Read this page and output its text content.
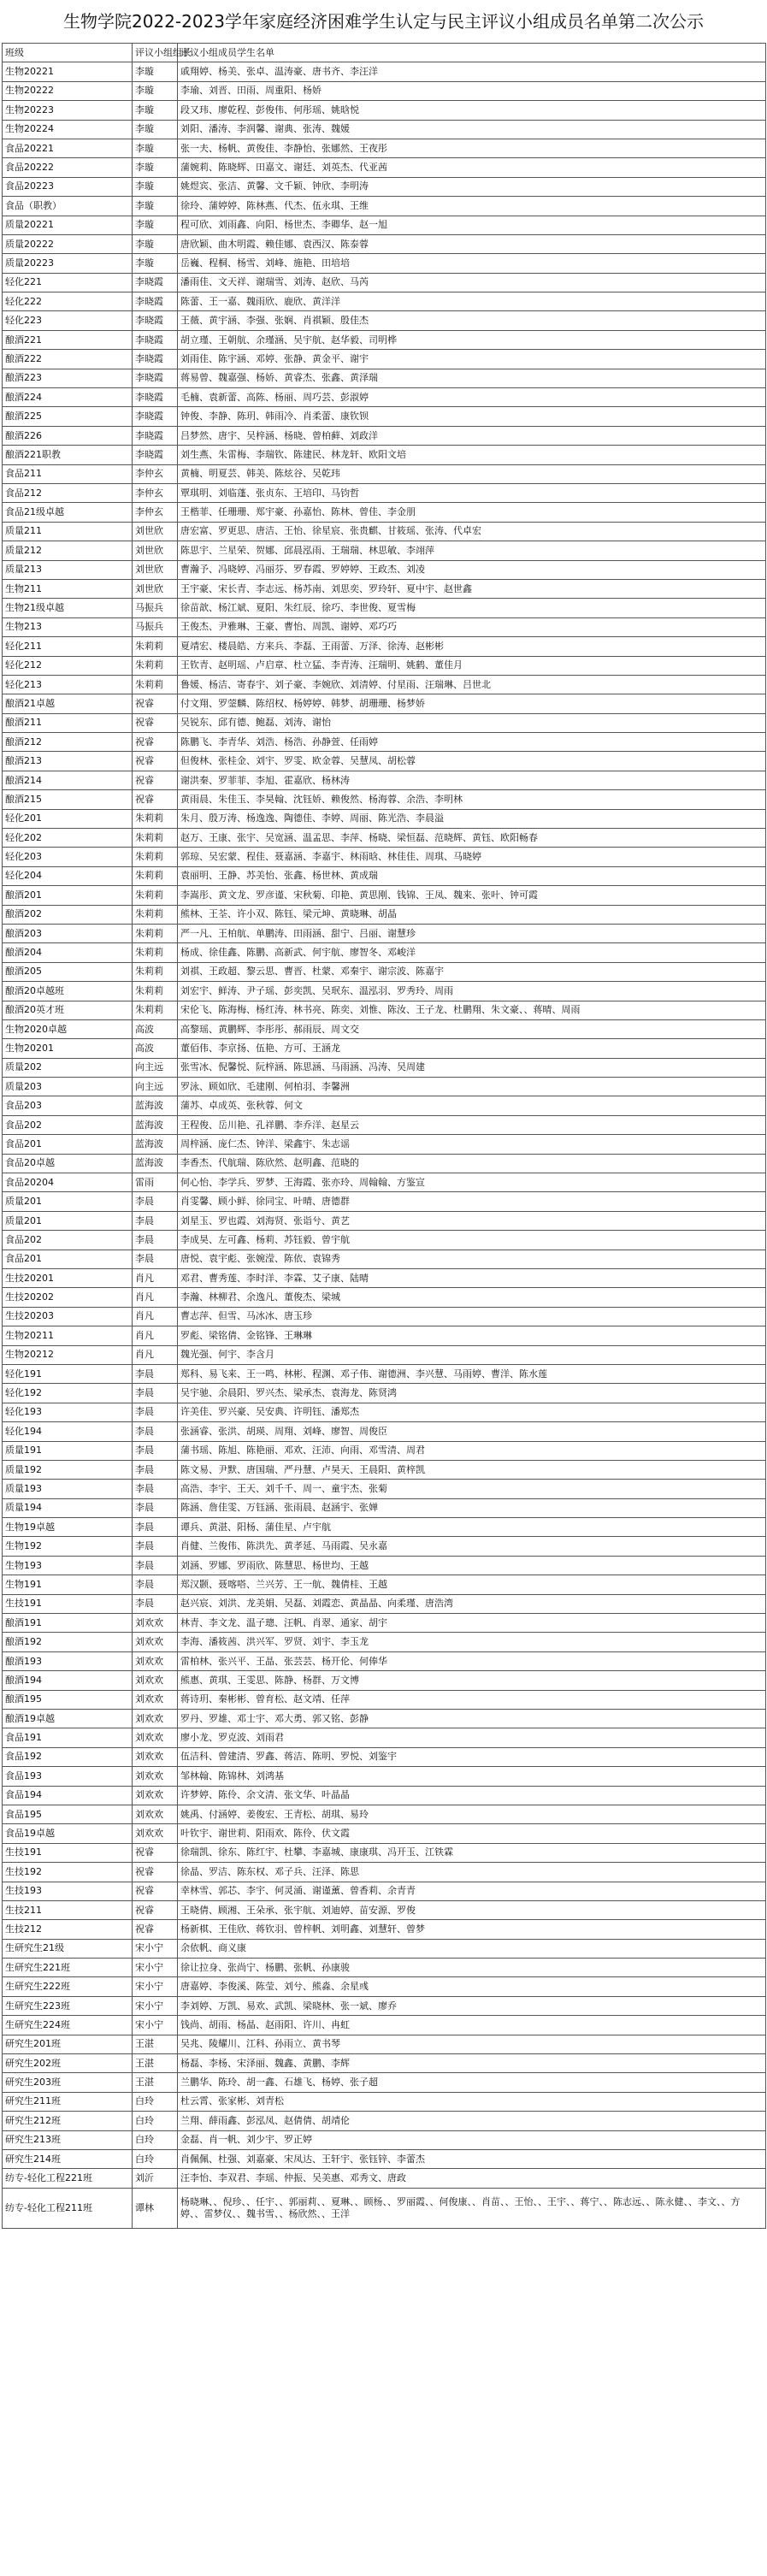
生物学院2022-2023学年家庭经济困难学生认定与民主评议小组成员名单第二次公示
班级	评议小组组长	评议小组成员学生名单
生物20221	李璇	戚翔婷、杨美、张卓、温涛豪、唐书齐、李汪洋
生物20222	李璇	李瑜、刘晋、田雨、周重阳、杨娇
生物20223	李璇	段又玮、廖乾程、彭俊伟、何彤瑶、姚晗悦
生物20224	李璇	刘阳、潘涛、李润馨、谢典、张涛、魏媛
食品20221	李璇	张一夫、杨帆、黄俊佳、李静怡、张娜然、王夜彤
食品20222	李璇	蒲婉莉、陈晓辉、田嘉文、谢廷、刘英杰、代亚茜
食品20223	李璇	姚煜宾、张洁、黄馨、文千颖、钟欣、李明涛
食品（职教）	李璇	徐玲、蒲婷婷、陈林燕、代杰、伍永琪、王维
质量20221	李璇	程可欣、刘雨鑫、向阳、杨世杰、李卿华、赵一旭
质量20222	李璇	唐欣颖、曲木明霞、赖佳娜、袁西汉、陈泰蓉
质量20223	李璇	岳巍、程桐、杨雪、刘峰、施艳、田培培
轻化221	李晓霞	潘雨佳、文天祥、谢瑞雪、刘涛、赵欣、马芮
轻化222	李晓霞	陈蕾、王一嘉、魏雨欣、鹿欣、黄洋洋
轻化223	李晓霞	王薇、黄宇涵、李强、张娴、肖祺颖、殷佳杰
酿酒221	李晓霞	胡立瑾、王朝航、余瑾涵、吴宇航、赵华毅、司明桦
酿酒222	李晓霞	刘雨佳、陈宇涵、邓婷、张静、黄金平、谢宇
酿酒223	李晓霞	蒋易曾、魏嘉强、杨娇、黄睿杰、张鑫、黄泽瑞
酿酒224	李晓霞	毛楠、袁新蕾、高陈、杨丽、周巧芸、彭淑婷
酿酒225	李晓霞	钟俊、李静、陈玥、韩雨冷、肖柔蕾、康钦钡
酿酒226	李晓霞	吕梦然、唐宇、吴梓涵、杨晓、曾柏藓、刘政洋
酿酒221职教	李晓霞	刘生燕、朱雷梅、李瑞钦、陈建民、林龙轩、欧阳文培
食品211	李仲玄	黄楠、明夏芸、韩美、陈炫谷、吴乾玮
食品212	李仲玄	覃琪明、刘临蓬、张贞东、王培印、马钧哲
食品21级卓越	李仲玄	王楷菲、任珊珊、郑宇豪、孙嘉怡、陈林、曾佳、李金朋
质量211	刘世欣	唐宏富、罗更思、唐洁、王怡、徐星宸、张贵麒、甘筱瑶、张涛、代卓宏
质量212	刘世欣	陈思宇、兰星荣、贺娜、邱晨泓雨、王瑞瑞、林思敏、李翊萍
质量213	刘世欣	曹瀚予、冯晓婷、冯丽芬、罗春霞、罗婷婷、王政杰、刘凌
生物211	刘世欣	王宇豪、宋长青、李志远、杨苏南、刘思奕、罗玲轩、夏中宇、赵世鑫
生物21级卓越	马振兵	徐苗歆、杨江斌、夏阳、朱红辰、徐巧、李世俊、夏雪梅
生物213	马振兵	王俊杰、尹雅琳、王豪、曹怡、周凯、谢婷、邓巧巧
轻化211	朱莉莉	夏靖宏、楼晨皓、方来兵、李磊、王雨蕾、万泽、徐涛、赵彬彬
轻化212	朱莉莉	王钦青、赵明瑶、卢启章、杜立猛、李青涛、汪瑞明、姚鹤、董佳月
轻化213	朱莉莉	鲁媛、杨洁、寄春宇、刘子豪、李婉欣、刘清婷、付星雨、汪瑞琳、吕世北
酿酒21卓越	祝睿	付文翔、罗蓥麟、陈绍权、杨婷婷、韩梦、胡珊珊、杨梦娇
酿酒211	祝睿	吴锐东、邱有德、鲍磊、刘涛、谢怡
酿酒212	祝睿	陈鹏飞、李青华、刘浩、杨浩、孙静萱、任雨婷
酿酒213	祝睿	但俊林、张桂金、刘宇、罗雯、欧金蓉、吴慧凤、胡松蓉
酿酒214	祝睿	谢洪秦、罗菲菲、李旭、霍嘉欣、杨林涛
酿酒215	祝睿	黄雨晨、朱佳玉、李昊翰、沈钰娇、赖俊然、杨海蓉、余浩、李明林
轻化201	朱莉莉	朱月、殷万涛、杨逸逸、陶德佳、李婷、周丽、陈光浩、李晨溢
轻化202	朱莉莉	赵万、王康、张宇、吴宽涵、温孟思、李萍、杨晓、梁恒磊、范晓辉、黄钰、欧阳畅春
轻化203	朱莉莉	郭琼、吴宏蒙、程佳、聂嘉涵、李嘉宇、林雨晗、林佳佳、周琪、马晓婷
轻化204	朱莉莉	袁丽明、王静、苏美怡、张鑫、杨世林、黄成瑞
酿酒201	朱莉莉	李嵩彤、黄文龙、罗彦谨、宋秋菊、印艳、黄思刚、钱锦、王凤、魏来、张叶、钟可霞
酿酒202	朱莉莉	熊林、王荃、许小双、陈钰、梁元坤、黄晓琳、胡晶
酿酒203	朱莉莉	严一凡、王柏航、单鹏涛、田雨涵、甜宁、吕丽、谢慧珍
酿酒204	朱莉莉	杨成、徐佳鑫、陈鹏、高新武、何宇航、廖智冬、邓峻洋
酿酒205	朱莉莉	刘祺、王政超、黎云思、曹晋、杜蒙、邓秦宇、谢宗波、陈嘉宇
酿酒20卓越班	朱莉莉	刘宏宇、鲜涛、尹子瑶、彭奕凯、吴珉东、温泓羽、罗秀玲、周雨
酿酒20英才班	朱莉莉	宋伦飞、陈海梅、杨红涛、林书亮、陈奕、刘惟、陈汝、王子龙、杜鹏翔、朱文豪、、蒋晴、周雨
生物2020卓越	高波	高黎瑶、黄鹏辉、李彤彤、郝雨辰、周文交
生物20201	高波	董佰伟、李京扬、伍艳、方可、王涵龙
质量202	向主远	张雪冰、倪馨悦、阮梓涵、陈思涵、马雨涵、冯涛、吴周建
质量203	向主远	罗泳、顾如欣、毛建刚、何柏羽、李馨洲
食品203	蓝海波	蒲苏、卓成英、张秋蓉、何文
食品202	蓝海波	王程俊、岳川艳、孔祥鹏、李乔洋、赵星云
食品201	蓝海波	周梓涵、庞仁杰、钟洋、梁鑫宇、朱志谣
食品20卓越	蓝海波	李香杰、代航瑞、陈欣然、赵明鑫、范晓的
食品20204	雷雨	何心怡、李学兵、罗梦、王海霞、张亦玲、周翰翰、方鉴宣
质量201	李晨	肖雯馨、顾小鲜、徐同宝、叶晴、唐德群
质量201	李晨	刘星玉、罗也霞、刘海贤、张诣兮、黄艺
食品202	李晨	李成昊、左可鑫、杨莉、苏钰毅、曾宇航
食品201	李晨	唐悦、袁宇彪、张婉滢、陈依、袁锦秀
生技20201	肖凡	邓君、曹秀莲、李时洋、李霖、艾子康、陆晴
生技20202	肖凡	李瀚、林柳君、余逸凡、董俊杰、梁城
生技20203	肖凡	曹志萍、但雪、马冰冰、唐玉珍
生物20211	肖凡	罗彪、梁铭倩、金铭锋、王琳琳
生物20212	肖凡	魏光强、何宇、李含月
轻化191	李晨	郑科、易飞来、王一鸣、林彬、程渊、邓子伟、谢德洲、李兴慧、马雨婷、曹洋、陈水莲
轻化192	李晨	吴宇驰、余晨阳、罗兴杰、梁承杰、袁海龙、陈贤鸿
轻化193	李晨	许美佳、罗兴豪、吴安典、许明钰、潘郑杰
轻化194	李晨	张涵睿、张洪、胡瑛、周翔、刘峰、廖智、周俊臣
质量191	李晨	蒲书瑶、陈旭、陈艳丽、邓欢、汪沛、向雨、邓雪清、周君
质量192	李晨	陈文易、尹默、唐国瑞、严丹慧、卢昊天、王晨阳、黄梓凯
质量193	李晨	高浩、李宇、王天、刘千千、周一、童宇杰、张菊
质量194	李晨	陈涵、詹佳雯、万钰涵、张雨晨、赵涵宇、张婵
生物19卓越	李晨	谭兵、黄湛、阳杨、蒲佳星、卢宇航
生物192	李晨	肖健、兰俊伟、陈洪先、黄孝延、马雨霞、吴永嘉
生物193	李晨	刘涵、罗娜、罗雨欣、陈慧思、杨世均、王越
生物191	李晨	郑汉颢、聂喀嗒、兰兴芳、王一航、魏倩桂、王越
生技191	李晨	赵兴宸、刘洪、龙美娟、吴磊、刘霞恋、黄晶晶、向柔瑾、唐浩湾
酿酒191	刘欢欢	林青、李文龙、温子璁、汪帆、肖翠、通家、胡宇
酿酒192	刘欢欢	李海、潘筱茜、洪兴军、罗贤、刘宇、李玉龙
酿酒193	刘欢欢	雷柏林、张兴平、王晶、张芸芸、杨开伦、何俸华
酿酒194	刘欢欢	熊惠、黄琪、王雯思、陈静、杨群、万文博
酿酒195	刘欢欢	蒋诗玥、秦彬彬、曾育松、赵文靖、任萍
酿酒19卓越	刘欢欢	罗丹、罗雄、邓士宇、邓大勇、郭又铭、彭静
食品191	刘欢欢	廖小龙、罗克波、刘雨君
食品192	刘欢欢	伍洁科、曾建清、罗鑫、蒋洁、陈明、罗悦、刘鉴宇
食品193	刘欢欢	邹林翰、陈锦林、刘鸿基
食品194	刘欢欢	许梦婷、陈伶、余文清、张文华、叶晶晶
食品195	刘欢欢	姚禹、付涵婷、姜俊宏、王青松、胡琪、易玲
食品19卓越	刘欢欢	叶钦宇、谢世莉、阳雨欢、陈伶、伏文霞
生技191	祝睿	徐瑞凯、徐东、陈红宇、杜攀、李嘉城、康康琪、冯开玉、江铁霖
生技192	祝睿	徐晶、罗洁、陈东权、邓子兵、汪泽、陈思
生技193	祝睿	幸林雪、郭芯、李宇、何灵涌、谢谨薰、曾香莉、余青青
生技211	祝睿	王晓倩、顾湘、王朵承、张宇航、刘迪婷、苗安源、罗俊
生技212	祝睿	杨新棋、王佳欣、蒋钦羽、曾梓帆、刘明鑫、刘慧轩、曾梦
生研究生21级	宋小宁	余依帆、商义康
生研究生221班	宋小宁	徐让拉身、张尚宁、杨鹏、张帆、孙康骏
生研究生222班	宋小宁	唐嘉婷、李俊溪、陈莹、刘兮、熊淼、余星彧
生研究生223班	宋小宁	李刘婷、万凯、易欢、武凯、梁晓林、张一斌、廖乔
生研究生224班	宋小宁	钱尚、胡雨、杨晶、赵雨阳、许川、冉虹
研究生201班	王湛	吴兆、陵耀川、江科、孙雨立、黄书琴
研究生202班	王湛	杨磊、李杨、宋泽丽、魏鑫、黄鹏、李辉
研究生203班	王湛	兰鹏华、陈玲、胡一鑫、石雄飞、杨婷、张子超
研究生211班	白玲	杜云霄、张家彬、刘青松
研究生212班	白玲	兰翔、薛雨鑫、彭泓凤、赵倩倩、胡靖伦
研究生213班	白玲	金磊、肖一帆、刘少宇、罗正婷
研究生214班	白玲	肖佩佩、杜强、刘嘉豪、宋凤达、王轩宇、张钰锌、李蕾杰
纺专-轻化工程221班	刘沂	汪李怡、李双君、李瑶、仲振、吴美惠、邓秀文、唐政
纺专-轻化工程211班	谭林	杨晓琳、、倪珍、、任宇、、郭丽莉、、夏琳、、顾杨、、罗丽霞、、何俊康、、肖苗、、王怡、、王宇、、蒋宁、、陈志远、、陈永健、、李文、、方婷、、雷梦仪、、魏书雪、、杨欣然、、王洋
